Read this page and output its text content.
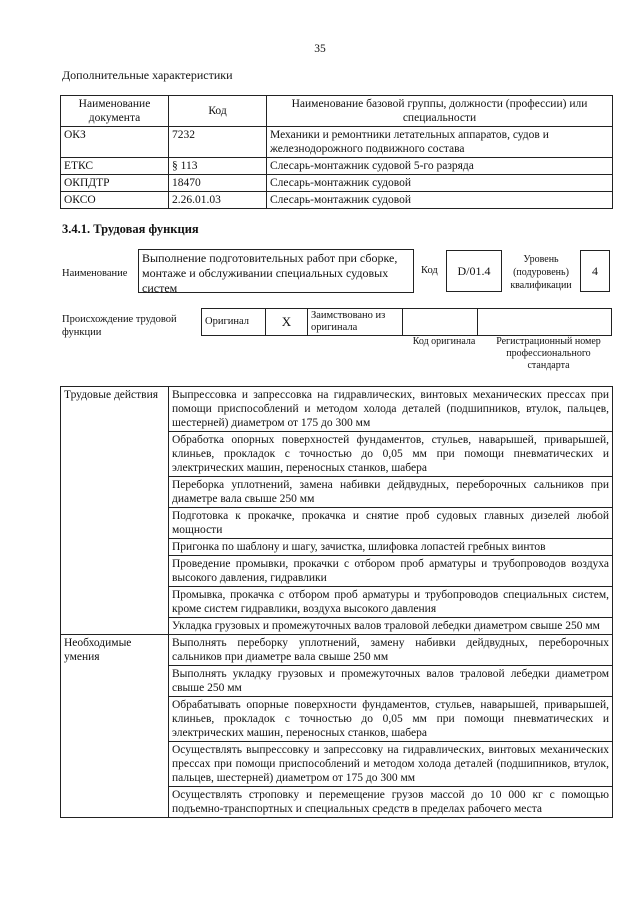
35
Дополнительные характеристики
Наименование документа	Код	Наименование базовой группы, должности (профессии) или специальности
ОКЗ	7232	Механики и ремонтники летательных аппаратов, судов и железнодорожного подвижного состава
ЕТКС	§ 113	Слесарь-монтажник судовой 5-го разряда
ОКПДТР	18470	Слесарь-монтажник судовой
ОКСО	2.26.01.03	Слесарь-монтажник судовой
3.4.1. Трудовая функция
Наименование
Выполнение подготовительных работ при сборке, монтаже и обслуживании специальных судовых систем
Код	D/01.4
Уровень (подуровень) квалификации
4
Происхождение трудовой функции
Оригинал	X	Заимствовано из оригинала		
Код оригинала	Регистрационный номер профессионального стандарта
Трудовые действия	Выпрессовка и запрессовка на гидравлических, винтовых механических прессах при помощи приспособлений и методом холода деталей (подшипников, втулок, пальцев, шестерней) диаметром от 175 до 300 мм
	Обработка опорных поверхностей фундаментов, стульев, наварышей, приварышей, клиньев, прокладок с точностью до 0,05 мм при помощи пневматических и электрических машин, переносных станков, шабера
	Переборка уплотнений, замена набивки дейдвудных, переборочных сальников при диаметре вала свыше 250 мм
	Подготовка к прокачке, прокачка и снятие проб судовых главных дизелей любой мощности
	Пригонка по шаблону и шагу, зачистка, шлифовка лопастей гребных винтов
	Проведение промывки, прокачки с отбором проб арматуры и трубопроводов воздуха высокого давления, гидравлики
	Промывка, прокачка с отбором проб арматуры и трубопроводов специальных систем, кроме систем гидравлики, воздуха высокого давления
	Укладка грузовых и промежуточных валов траловой лебедки диаметром свыше 250 мм
Необходимые умения	Выполнять переборку уплотнений, замену набивки дейдвудных, переборочных сальников при диаметре вала свыше 250 мм
	Выполнять укладку грузовых и промежуточных валов траловой лебедки диаметром свыше 250 мм
	Обрабатывать опорные поверхности фундаментов, стульев, наварышей, приварышей, клиньев, прокладок с точностью до 0,05 мм при помощи пневматических и электрических машин, переносных станков, шабера
	Осуществлять выпрессовку и запрессовку на гидравлических, винтовых механических прессах при помощи приспособлений и методом холода деталей (подшипников, втулок, пальцев, шестерней) диаметром от 175 до 300 мм
	Осуществлять строповку и перемещение грузов массой до 10 000 кг с помощью подъемно-транспортных и специальных средств в пределах рабочего места
